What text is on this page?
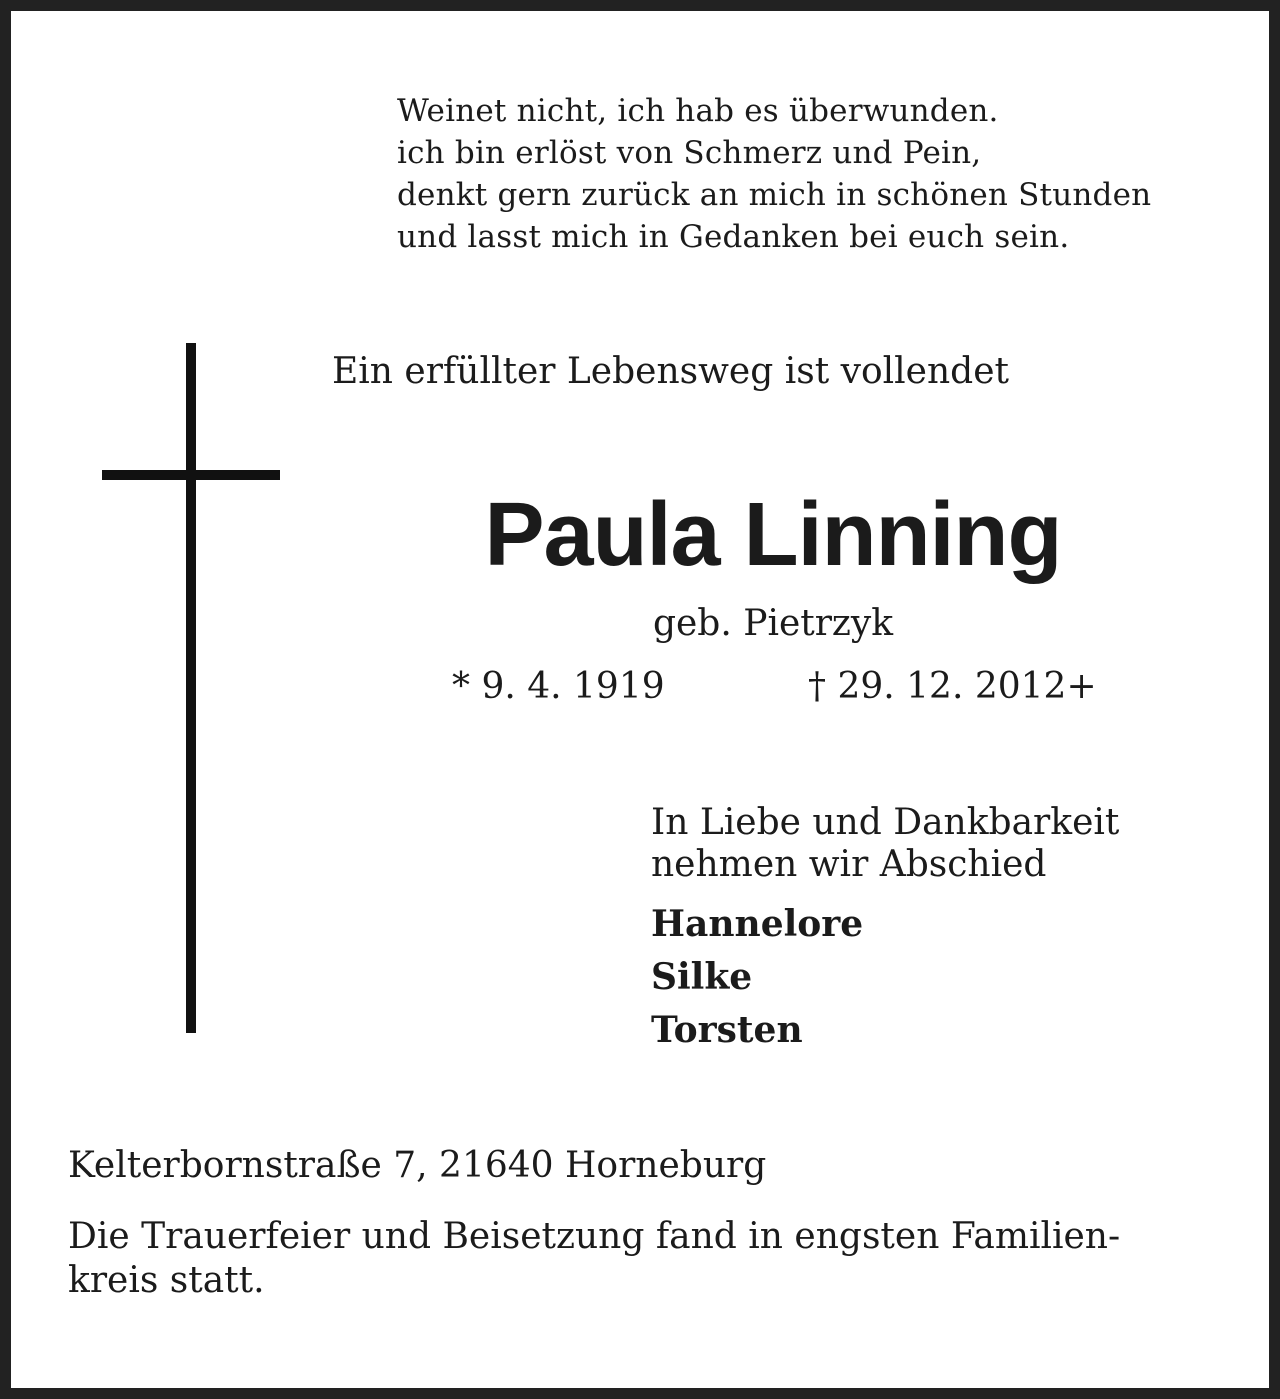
Weinet nicht, ich hab es überwunden.
ich bin erlöst von Schmerz und Pein,
denkt gern zurück an mich in schönen Stunden
und lasst mich in Gedanken bei euch sein.
Ein erfüllter Lebensweg ist vollendet
Paula Linning
geb. Pietrzyk
* 9. 4. 1919	† 29. 12. 2012+
In Liebe und Dankbarkeit
nehmen wir Abschied
Hannelore
Silke
Torsten
Kelterbornstraße 7, 21640 Horneburg
Die Trauerfeier und Beisetzung fand in engsten Familien-
kreis statt.
